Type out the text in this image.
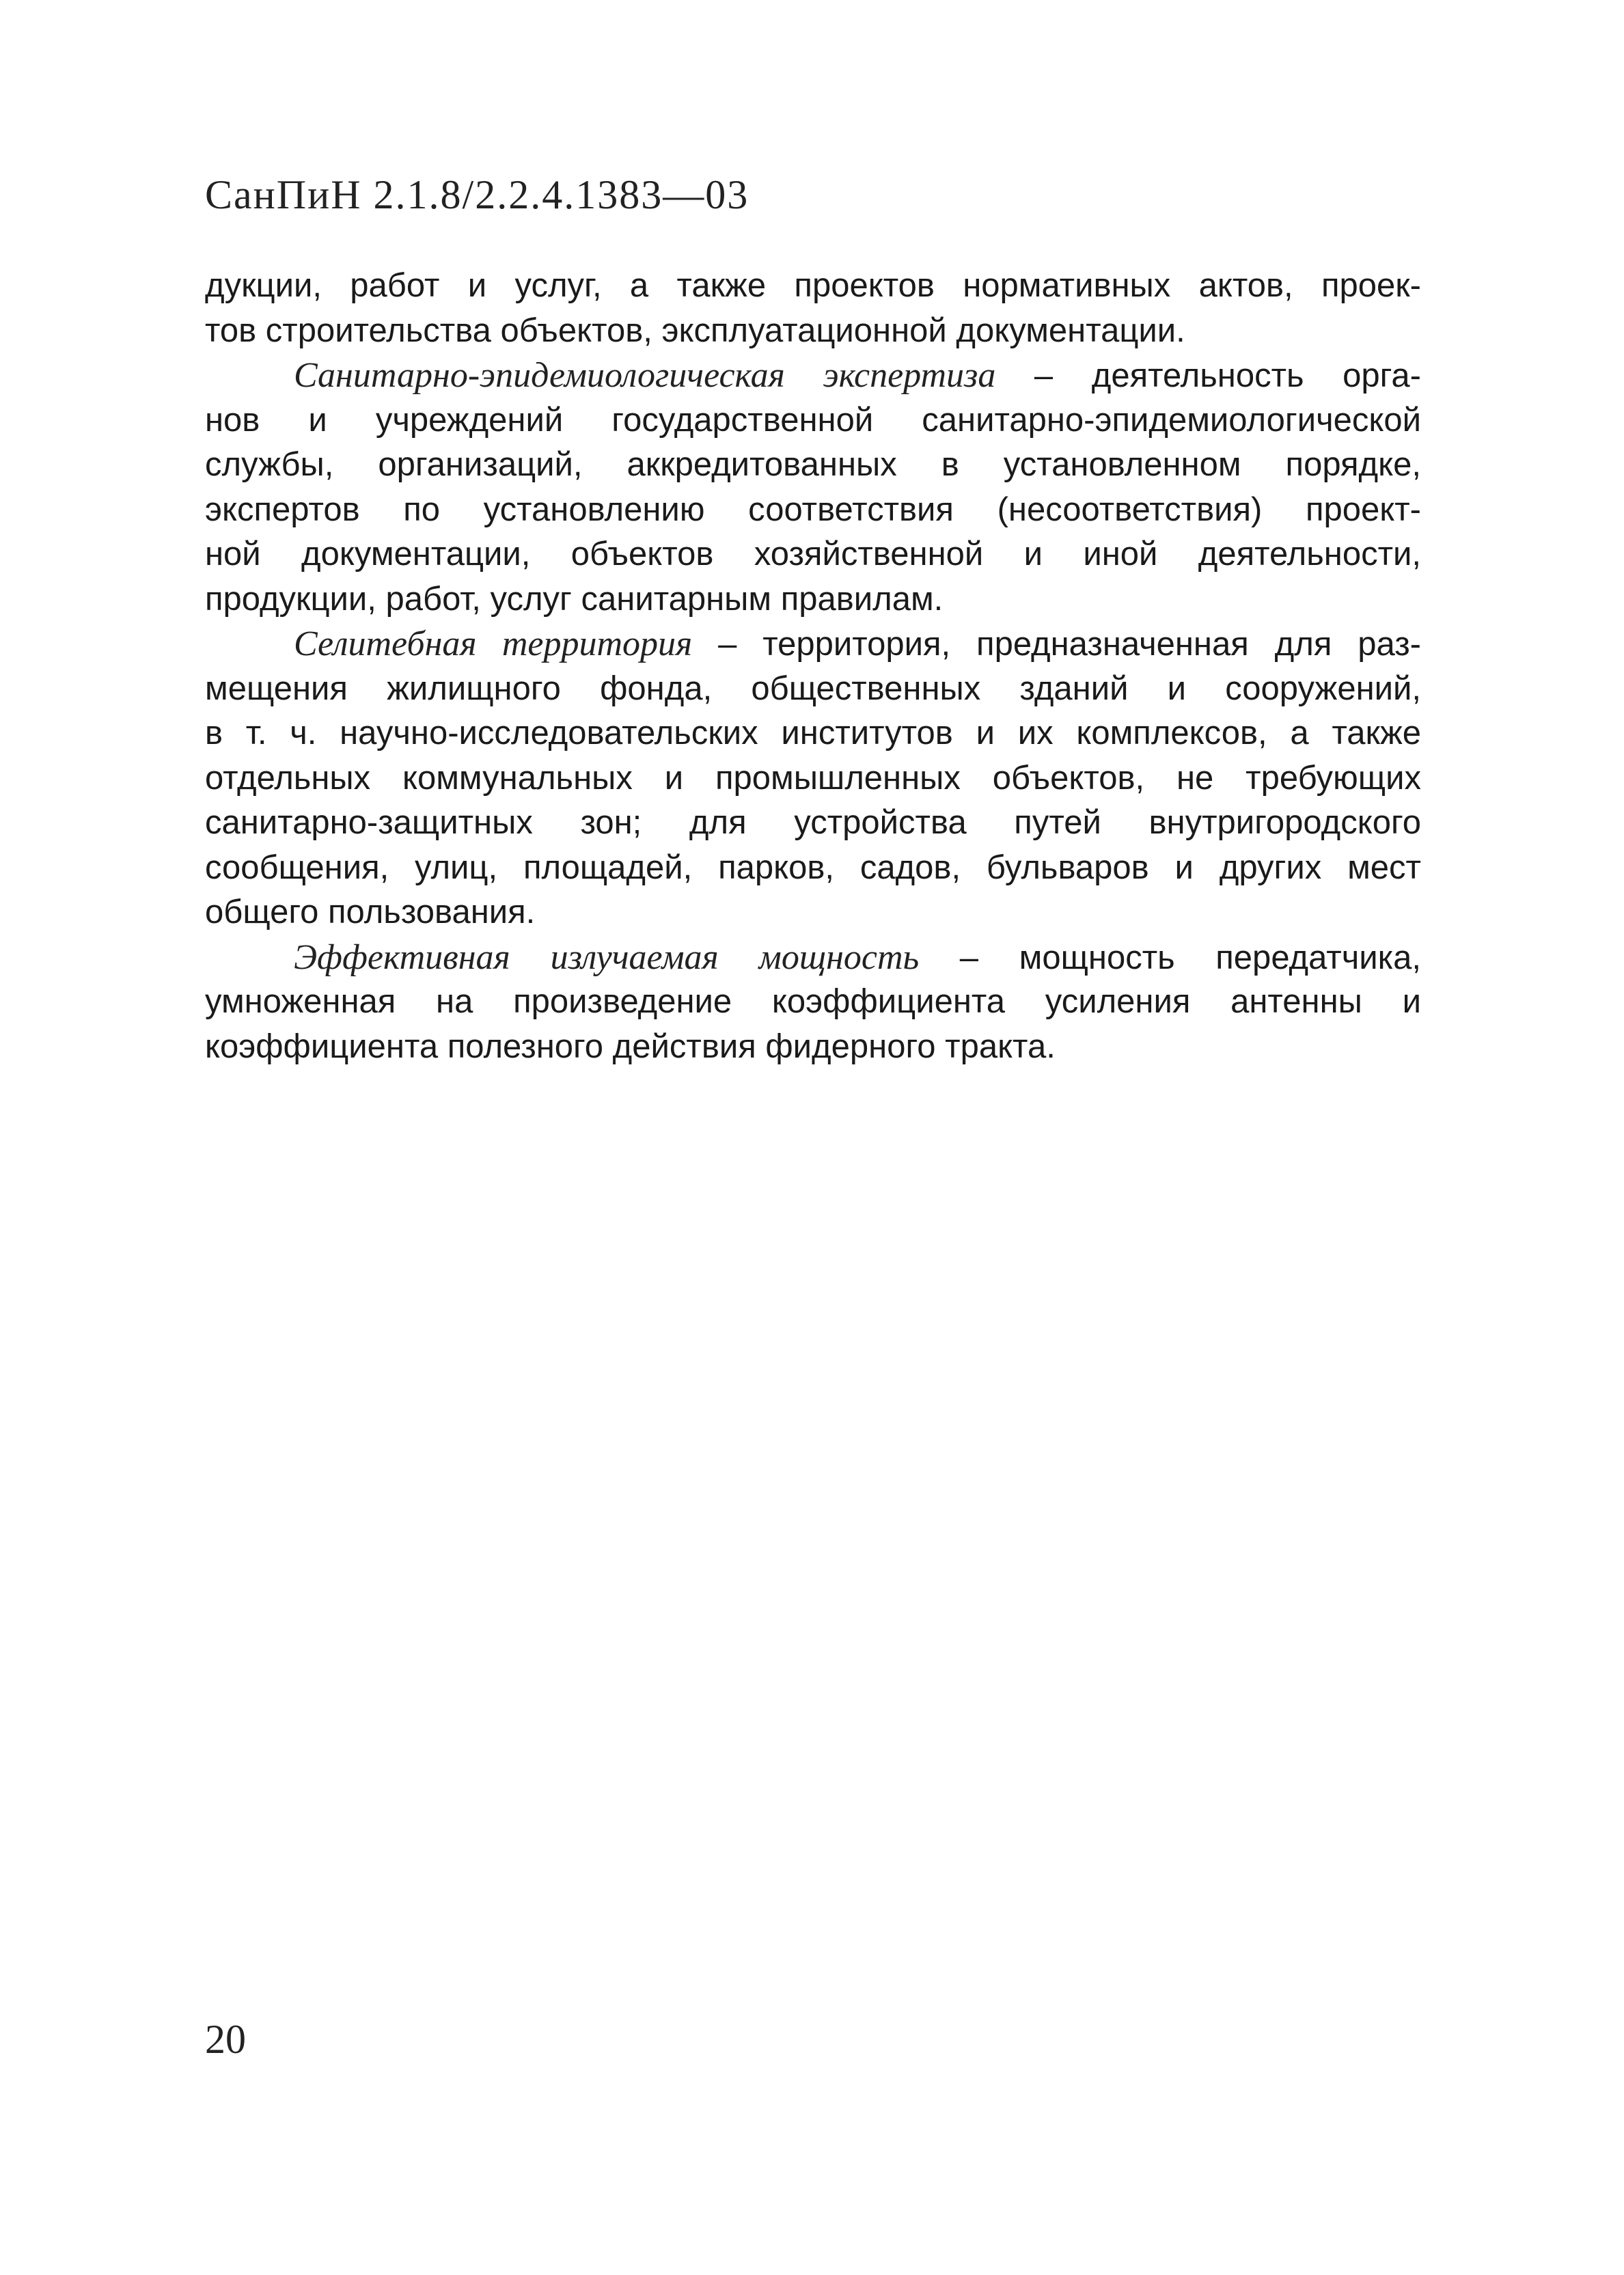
СанПиН 2.1.8/2.2.4.1383—03
дукции, работ и услуг, а также проектов нормативных актов, проек-
тов строительства объектов, эксплуатационной документации.
Санитарно-эпидемиологическая экспертиза – деятельность орга-
нов и учреждений государственной санитарно-эпидемиологической
службы, организаций, аккредитованных в установленном порядке,
экспертов по установлению соответствия (несоответствия) проект-
ной документации, объектов хозяйственной и иной деятельности,
продукции, работ, услуг санитарным правилам.
Селитебная территория – территория, предназначенная для раз-
мещения жилищного фонда, общественных зданий и сооружений,
в т. ч. научно-исследовательских институтов и их комплексов, а также
отдельных коммунальных и промышленных объектов, не требующих
санитарно-защитных зон; для устройства путей внутригородского
сообщения, улиц, площадей, парков, садов, бульваров и других мест
общего пользования.
Эффективная излучаемая мощность – мощность передатчика,
умноженная на произведение коэффициента усиления антенны и
коэффициента полезного действия фидерного тракта.
20
